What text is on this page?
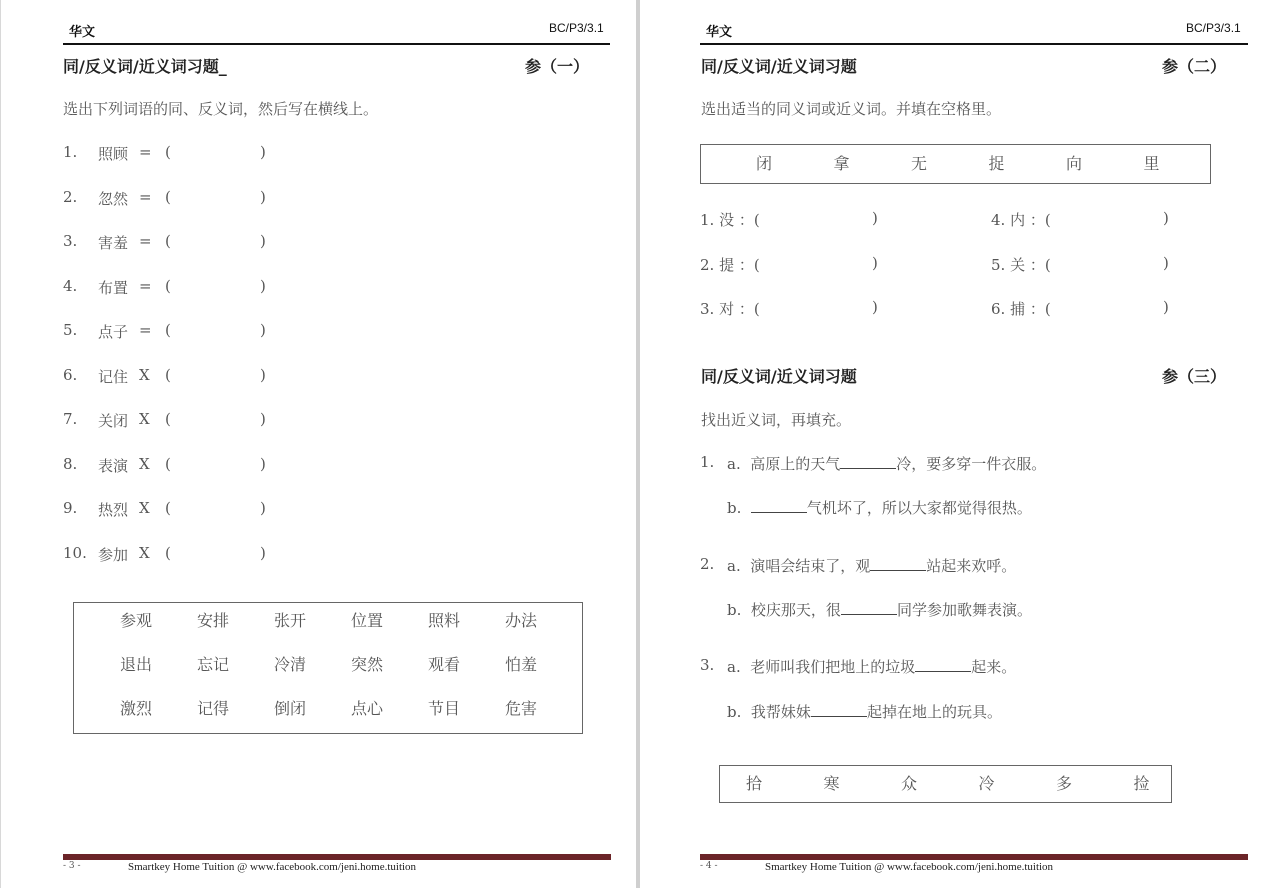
华文	BC/P3/3.1
同/反义词/近义词习题_	参（一）
选出下列词语的同、反义词，然后写在横线上。
1. 照顾 = (	)
2. 忽然 = (	)
3. 害羞 = (	)
4. 布置 = (	)
5. 点子 = (	)
6. 记住 X (	)
7. 关闭 X (	)
8. 表演 X (	)
9. 热烈 X (	)
10. 参加 X (	)
参观	安排	张开	位置	照料	办法
退出	忘记	冷清	突然	观看	怕羞
激烈	记得	倒闭	点心	节目	危害
- 3 -	Smartkey Home Tuition @ www.facebook.com/jeni.home.tuition
华文	BC/P3/3.1
同/反义词/近义词习题	参（二）
选出适当的同义词或近义词。并填在空格里。
闭	拿	无	捉	向	里
1. 没 ：(	)	4. 内 ：(	)
2. 提 ：(	)	5. 关 ：(	)
3. 对 ：(	)	6. 捕 ：(	)
同/反义词/近义词习题	参（三）
找出近义词，再填充。
1. a. 高原上的天气	冷，要多穿一件衣服。
b.	气机坏了，所以大家都觉得很热。
2. a. 演唱会结束了，观	站起来欢呼。
b. 校庆那天，很	同学参加歌舞表演。
3. a. 老师叫我们把地上的垃圾	起来。
b. 我帮妹妹	起掉在地上的玩具。
拾	寒	众	冷	多	捡
- 4 -	Smartkey Home Tuition @ www.facebook.com/jeni.home.tuition
